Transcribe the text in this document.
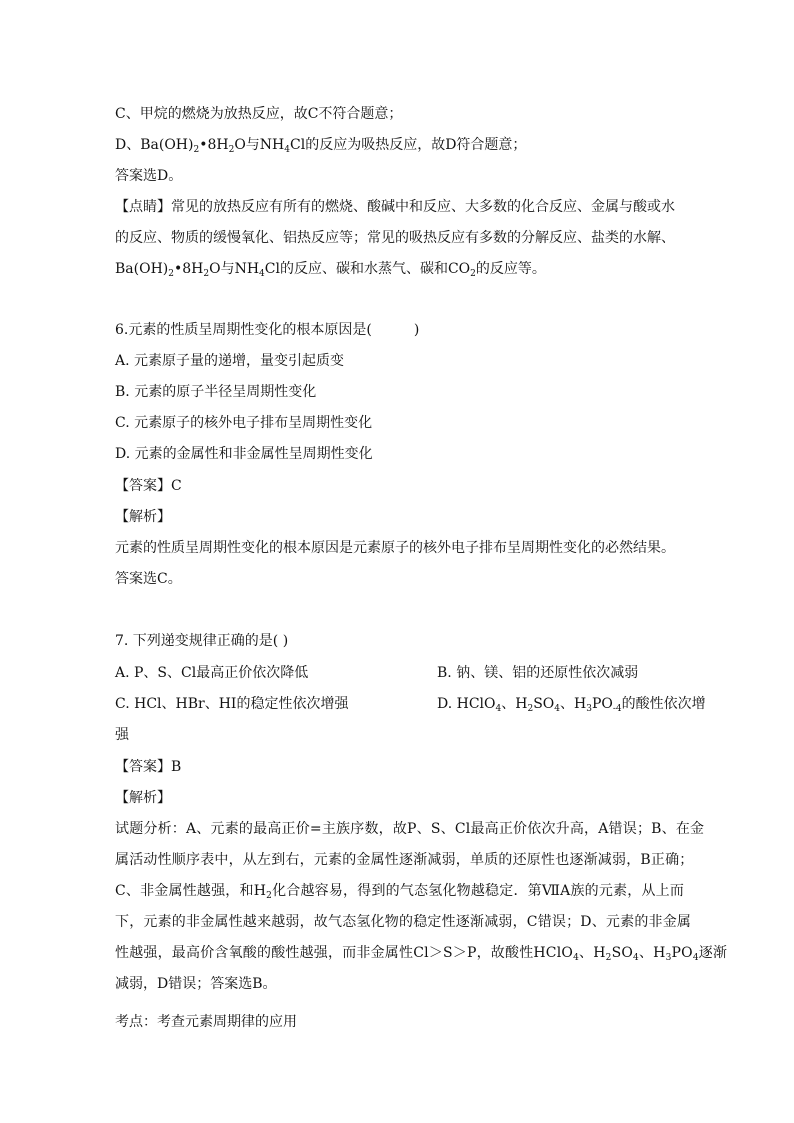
C、甲烷的燃烧为放热反应，故C不符合题意；
D、$Ba(OH)_2•8H_2O$与$NH_4Cl$的反应为吸热反应，故D符合题意；
答案选D。
【点睛】常见的放热反应有所有的燃烧、酸碱中和反应、大多数的化合反应、金属与酸或水
的反应、物质的缓慢氧化、铝热反应等；常见的吸热反应有多数的分解反应、盐类的水解、
$Ba(OH)_2•8H_2O$与$NH_4Cl$的反应、碳和水蒸气、碳和$CO_2$的反应等。
6.元素的性质呈周期性变化的根本原因是(　　　)
A. 元素原子量的递增，量变引起质变
B. 元素的原子半径呈周期性变化
C. 元素原子的核外电子排布呈周期性变化
D. 元素的金属性和非金属性呈周期性变化
【答案】C
【解析】
元素的性质呈周期性变化的根本原因是元素原子的核外电子排布呈周期性变化的必然结果。
答案选C。
7. 下列递变规律正确的是( )
A. P、S、Cl最高正价依次降低	B. 钠、镁、铝的还原性依次减弱
C. HCl、HBr、HI的稳定性依次增强	D. HClO$_4$、$H_2SO_4$、$H_3PO_{-4}$的酸性依次增
强
【答案】B
【解析】
试题分析：A、元素的最高正价=主族序数，故P、S、Cl最高正价依次升高，A错误；B、在金
属活动性顺序表中，从左到右，元素的金属性逐渐减弱，单质的还原性也逐渐减弱，B正确；
C、非金属性越强，和$H_2$化合越容易，得到的气态氢化物越稳定．第ⅦA族的元素，从上而
下，元素的非金属性越来越弱，故气态氢化物的稳定性逐渐减弱，C错误；D、元素的非金属
性越强，最高价含氧酸的酸性越强，而非金属性Cl＞S＞P，故酸性HClO$_4$、$H_2SO_4$、$H_3PO_4$逐渐
减弱，D错误；答案选B。
考点：考查元素周期律的应用
